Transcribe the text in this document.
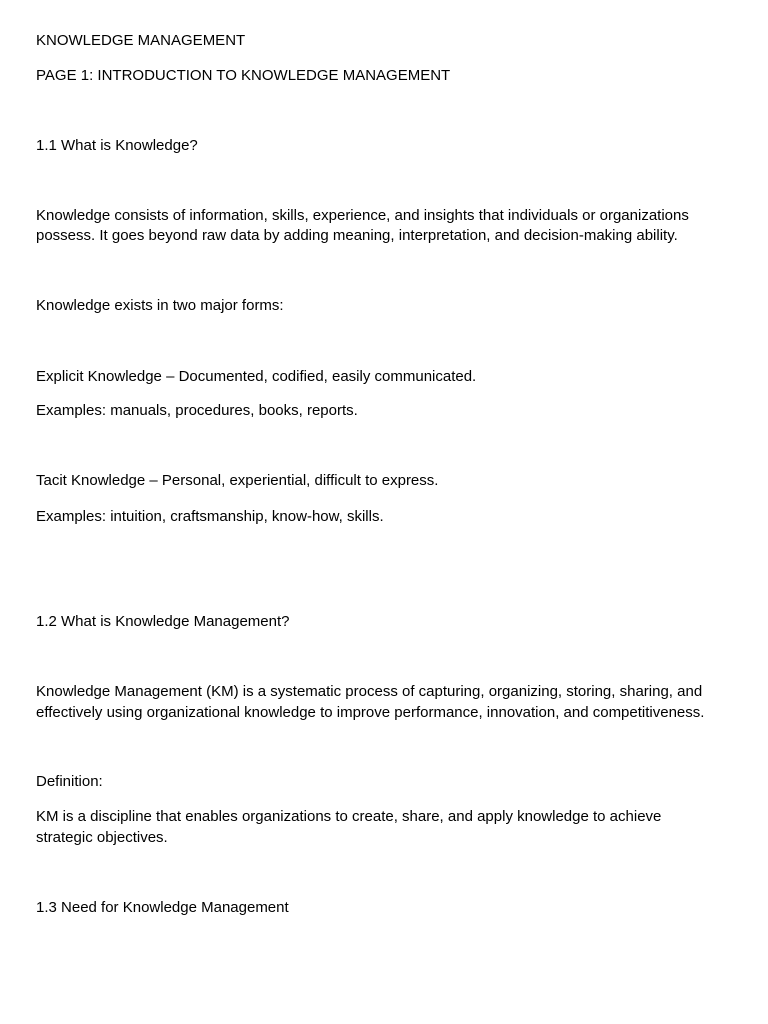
KNOWLEDGE MANAGEMENT

PAGE 1: INTRODUCTION TO KNOWLEDGE MANAGEMENT

1.1 What is Knowledge?

Knowledge consists of information, skills, experience, and insights that individuals or organizations

possess. It goes beyond raw data by adding meaning, interpretation, and decision-making ability.

Knowledge exists in two major forms:

Explicit Knowledge – Documented, codified, easily communicated.

Examples: manuals, procedures, books, reports.

Tacit Knowledge – Personal, experiential, difficult to express.

Examples: intuition, craftsmanship, know-how, skills.

1.2 What is Knowledge Management?

Knowledge Management (KM) is a systematic process of capturing, organizing, storing, sharing, and

effectively using organizational knowledge to improve performance, innovation, and competitiveness.

Definition:

KM is a discipline that enables organizations to create, share, and apply knowledge to achieve

strategic objectives.

1.3 Need for Knowledge Management
